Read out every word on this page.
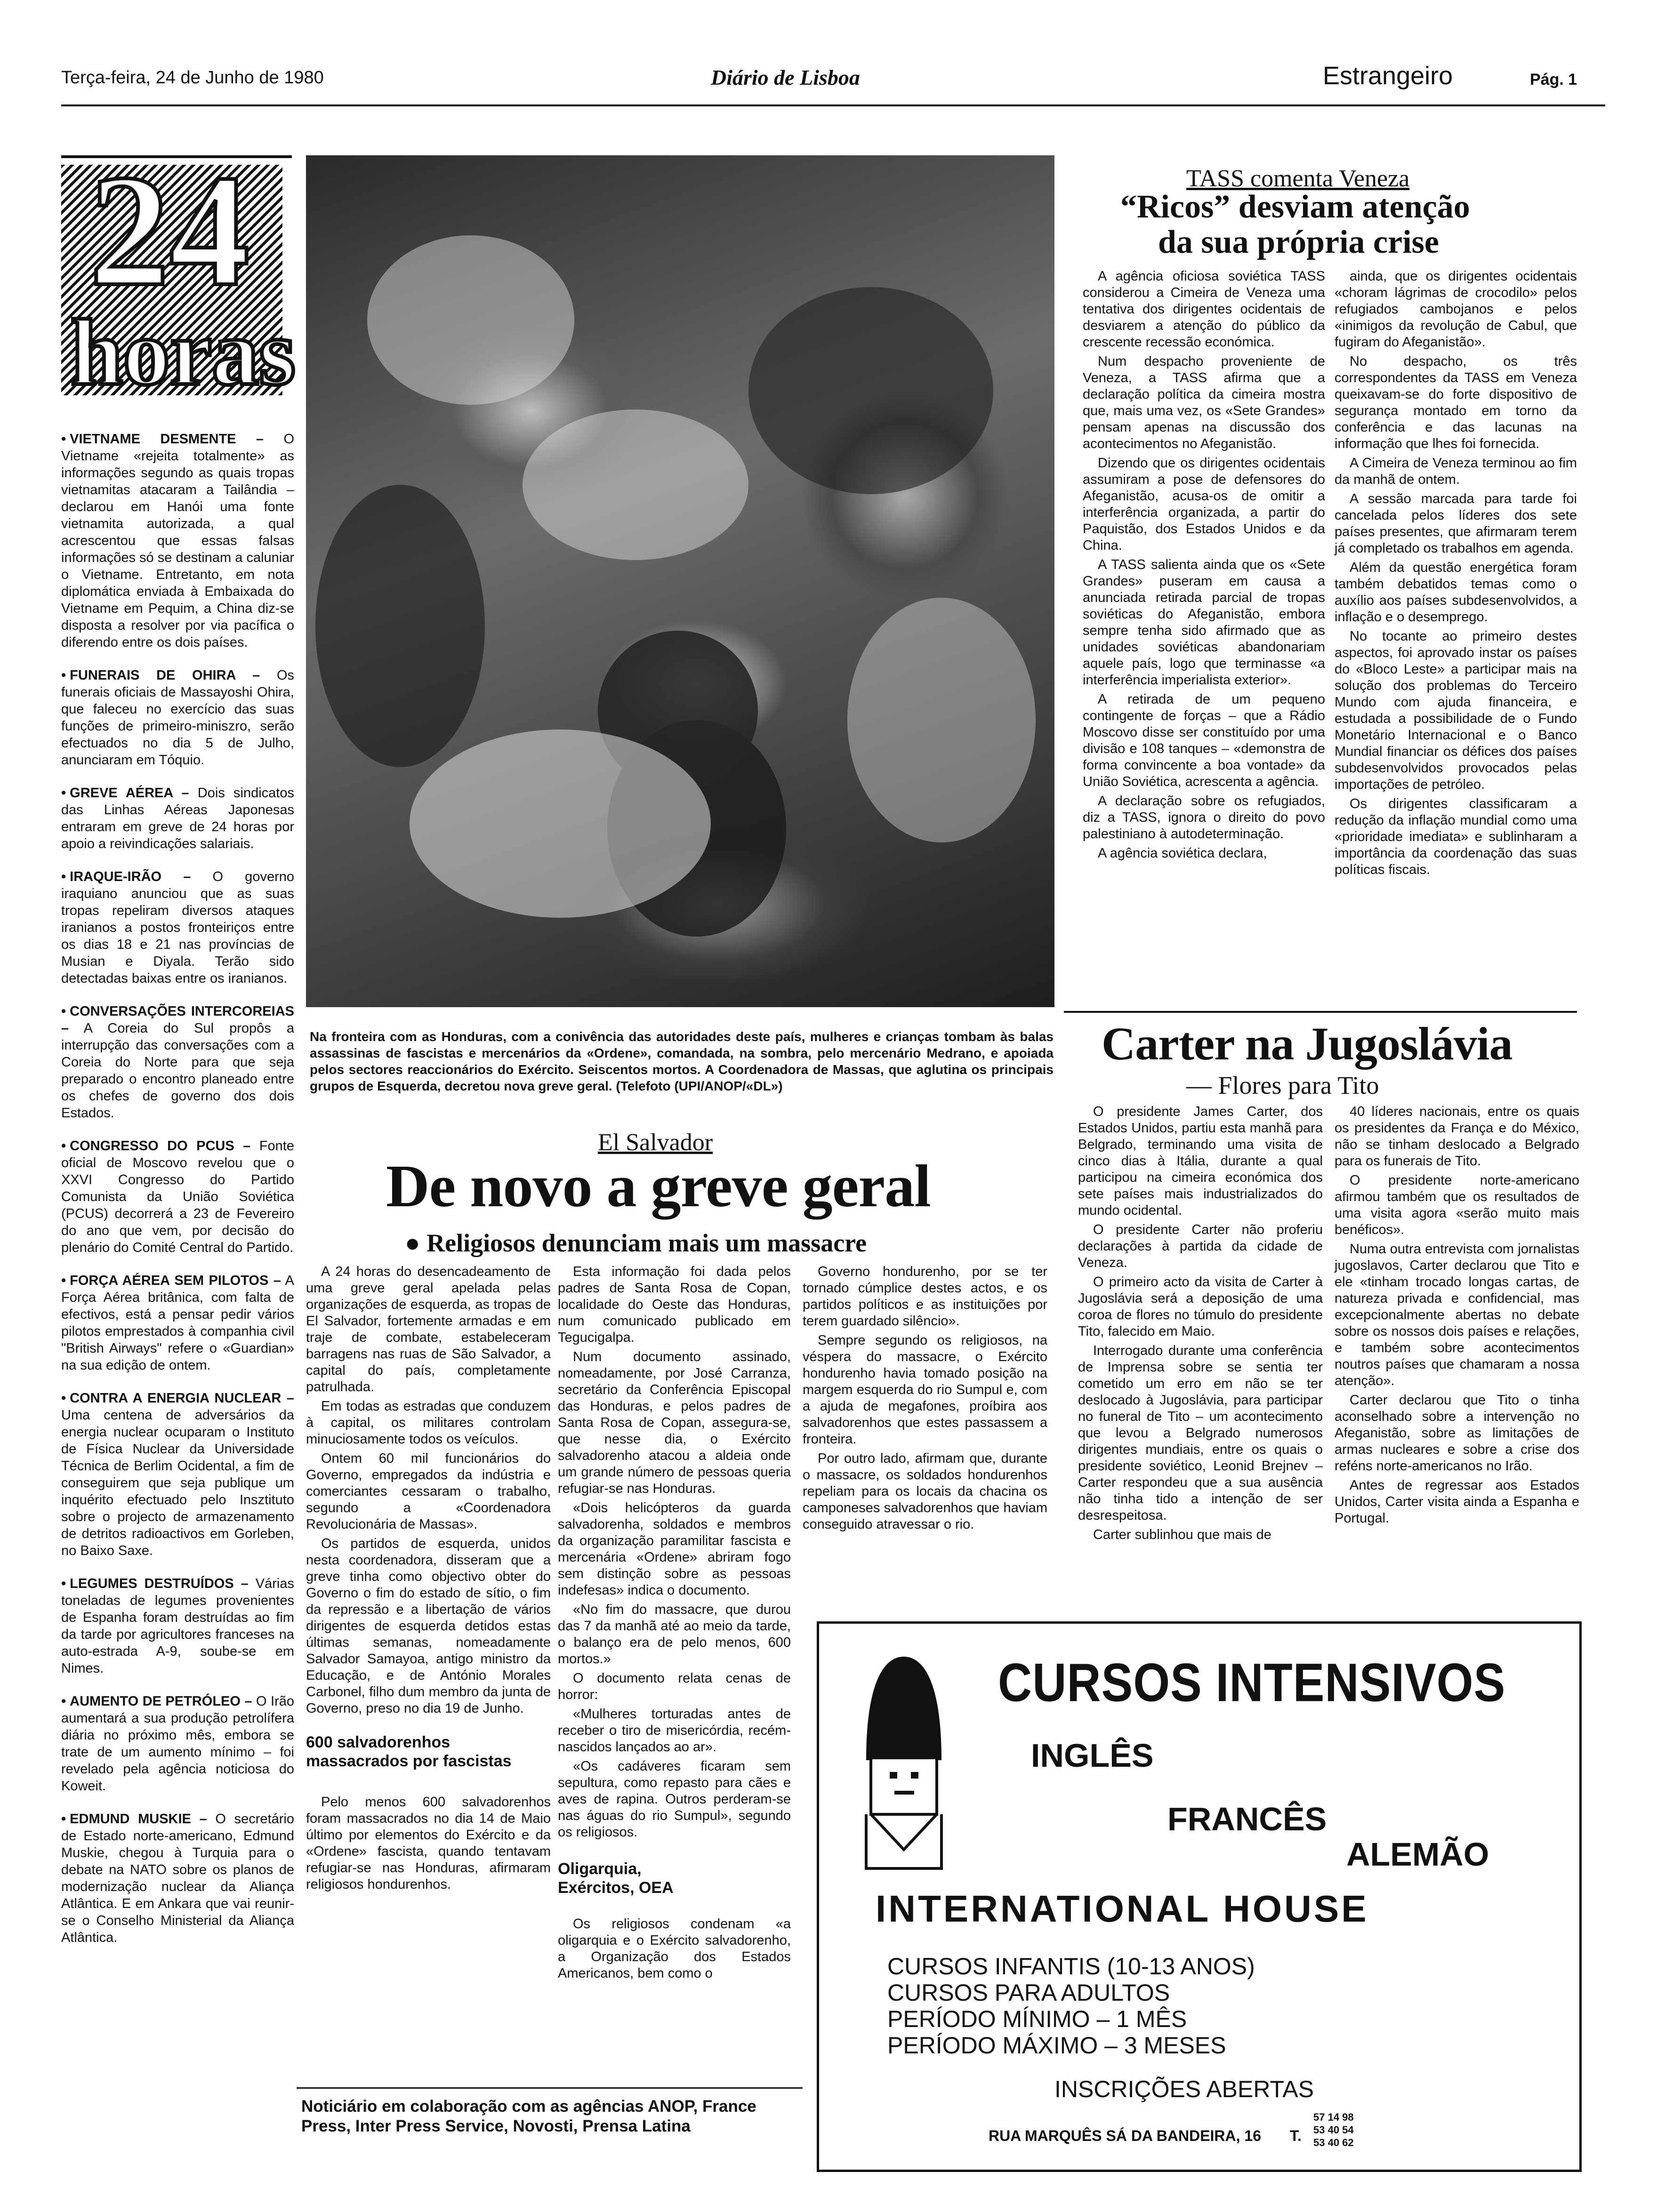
Terça-feira, 24 de Junho de 1980	Diário de Lisboa	Estrangeiro	Pág. 1
24
horas
• VIETNAME DESMENTE – O Vietname «rejeita totalmente» as informações segundo as quais tropas vietnamitas atacaram a Tailândia – declarou em Hanói uma fonte vietnamita autorizada, a qual acrescentou que essas falsas informações só se destinam a caluniar o Vietname. Entretanto, em nota diplomática enviada à Embaixada do Vietname em Pequim, a China diz-se disposta a resolver por via pacífica o diferendo entre os dois países.
• FUNERAIS DE OHIRA – Os funerais oficiais de Massayoshi Ohira, que faleceu no exercício das suas funções de primeiro-miniszro, serão efectuados no dia 5 de Julho, anunciaram em Tóquio.
• GREVE AÉREA – Dois sindicatos das Linhas Aéreas Japonesas entraram em greve de 24 horas por apoio a reivindicações salariais.
• IRAQUE-IRÃO – O governo iraquiano anunciou que as suas tropas repeliram diversos ataques iranianos a postos fronteiriços entre os dias 18 e 21 nas províncias de Musian e Diyala. Terão sido detectadas baixas entre os iranianos.
• CONVERSAÇÕES INTERCOREIAS – A Coreia do Sul propôs a interrupção das conversações com a Coreia do Norte para que seja preparado o encontro planeado entre os chefes de governo dos dois Estados.
• CONGRESSO DO PCUS – Fonte oficial de Moscovo revelou que o XXVI Congresso do Partido Comunista da União Soviética (PCUS) decorrerá a 23 de Fevereiro do ano que vem, por decisão do plenário do Comité Central do Partido.
• FORÇA AÉREA SEM PILOTOS – A Força Aérea britânica, com falta de efectivos, está a pensar pedir vários pilotos emprestados à companhia civil "British Airways" refere o «Guardian» na sua edição de ontem.
• CONTRA A ENERGIA NUCLEAR – Uma centena de adversários da energia nuclear ocuparam o Instituto de Física Nuclear da Universidade Técnica de Berlim Ocidental, a fim de conseguirem que seja publique um inquérito efectuado pelo Insztituto sobre o projecto de armazenamento de detritos radioactivos em Gorleben, no Baixo Saxe.
• LEGUMES DESTRUÍDOS – Várias toneladas de legumes provenientes de Espanha foram destruídas ao fim da tarde por agricultores franceses na auto-estrada A-9, soube-se em Nimes.
• AUMENTO DE PETRÓLEO – O Irão aumentará a sua produção petrolífera diária no próximo mês, embora se trate de um aumento mínimo – foi revelado pela agência noticiosa do Koweit.
• EDMUND MUSKIE – O secretário de Estado norte-americano, Edmund Muskie, chegou à Turquia para o debate na NATO sobre os planos de modernização nuclear da Aliança Atlântica. E em Ankara que vai reunir-se o Conselho Ministerial da Aliança Atlântica.
Na fronteira com as Honduras, com a conivência das autoridades deste país, mulheres e crianças tombam às balas assassinas de fascistas e mercenários da «Ordene», comandada, na sombra, pelo mercenário Medrano, e apoiada pelos sectores reaccionários do Exército. Seiscentos mortos. A Coordenadora de Massas, que aglutina os principais grupos de Esquerda, decretou nova greve geral. (Telefoto (UPI/ANOP/«DL»)
El Salvador
De novo a greve geral
● Religiosos denunciam mais um massacre

A 24 horas do desencadeamento de uma greve geral apelada pelas organizações de esquerda, as tropas de El Salvador, fortemente armadas e em traje de combate, estabeleceram barragens nas ruas de São Salvador, a capital do país, completamente patrulhada.

Em todas as estradas que conduzem à capital, os militares controlam minuciosamente todos os veículos.

Ontem 60 mil funcionários do Governo, empregados da indústria e comerciantes cessaram o trabalho, segundo a «Coordenadora Revolucionária de Massas».

Os partidos de esquerda, unidos nesta coordenadora, disseram que a greve tinha como objectivo obter do Governo o fim do estado de sítio, o fim da repressão e a libertação de vários dirigentes de esquerda detidos estas últimas semanas, nomeadamente Salvador Samayoa, antigo ministro da Educação, e de António Morales Carbonel, filho dum membro da junta de Governo, preso no dia 19 de Junho.

600 salvadorenhos massacrados por fascistas

Pelo menos 600 salvadorenhos foram massacrados no dia 14 de Maio último por elementos do Exército e da «Ordene» fascista, quando tentavam refugiar-se nas Honduras, afirmaram religiosos hondurenhos.

Esta informação foi dada pelos padres de Santa Rosa de Copan, localidade do Oeste das Honduras, num comunicado publicado em Tegucigalpa.

Num documento assinado, nomeadamente, por José Carranza, secretário da Conferência Episcopal das Honduras, e pelos padres de Santa Rosa de Copan, assegura-se, que nesse dia, o Exército salvadorenho atacou a aldeia onde um grande número de pessoas queria refugiar-se nas Honduras.

«Dois helicópteros da guarda salvadorenha, soldados e membros da organização paramilitar fascista e mercenária «Ordene» abriram fogo sem distinção sobre as pessoas indefesas» indica o documento.

«No fim do massacre, que durou das 7 da manhã até ao meio da tarde, o balanço era de pelo menos, 600 mortos.»

O documento relata cenas de horror:

«Mulheres torturadas antes de receber o tiro de misericórdia, recém-nascidos lançados ao ar».

«Os cadáveres ficaram sem sepultura, como repasto para cães e aves de rapina. Outros perderam-se nas águas do rio Sumpul», segundo os religiosos.

Oligarquia, Exércitos, OEA

Os religiosos condenam «a oligarquia e o Exército salvadorenho, a Organização dos Estados Americanos, bem como o

Governo hondurenho, por se ter tornado cúmplice destes actos, e os partidos políticos e as instituições por terem guardado silêncio».

Sempre segundo os religiosos, na véspera do massacre, o Exército hondurenho havia tomado posição na margem esquerda do rio Sumpul e, com a ajuda de megafones, proíbira aos salvadorenhos que estes passassem a fronteira.

Por outro lado, afirmam que, durante o massacre, os soldados hondurenhos repeliam para os locais da chacina os camponeses salvadorenhos que haviam conseguido atravessar o rio.

TASS comenta Veneza
“Ricos” desviam atenção
da sua própria crise

A agência oficiosa soviética TASS considerou a Cimeira de Veneza uma tentativa dos dirigentes ocidentais de desviarem a atenção do público da crescente recessão económica.

Num despacho proveniente de Veneza, a TASS afirma que a declaração política da cimeira mostra que, mais uma vez, os «Sete Grandes» pensam apenas na discussão dos acontecimentos no Afeganistão.

Dizendo que os dirigentes ocidentais assumiram a pose de defensores do Afeganistão, acusa-os de omitir a interferência organizada, a partir do Paquistão, dos Estados Unidos e da China.

A TASS salienta ainda que os «Sete Grandes» puseram em causa a anunciada retirada parcial de tropas soviéticas do Afeganistão, embora sempre tenha sido afirmado que as unidades soviéticas abandonariam aquele país, logo que terminasse «a interferência imperialista exterior».

A retirada de um pequeno contingente de forças – que a Rádio Moscovo disse ser constituído por uma divisão e 108 tanques – «demonstra de forma convincente a boa vontade» da União Soviética, acrescenta a agência.

A declaração sobre os refugiados, diz a TASS, ignora o direito do povo palestiniano à autodeterminação.

A agência soviética declara,

ainda, que os dirigentes ocidentais «choram lágrimas de crocodilo» pelos refugiados cambojanos e pelos «inimigos da revolução de Cabul, que fugiram do Afeganistão».

No despacho, os três correspondentes da TASS em Veneza queixavam-se do forte dispositivo de segurança montado em torno da conferência e das lacunas na informação que lhes foi fornecida.

A Cimeira de Veneza terminou ao fim da manhã de ontem.

A sessão marcada para tarde foi cancelada pelos líderes dos sete países presentes, que afirmaram terem já completado os trabalhos em agenda.

Além da questão energética foram também debatidos temas como o auxílio aos países subdesenvolvidos, a inflação e o desemprego.

No tocante ao primeiro destes aspectos, foi aprovado instar os países do «Bloco Leste» a participar mais na solução dos problemas do Terceiro Mundo com ajuda financeira, e estudada a possibilidade de o Fundo Monetário Internacional e o Banco Mundial financiar os défices dos países subdesenvolvidos provocados pelas importações de petróleo.

Os dirigentes classificaram a redução da inflação mundial como uma «prioridade imediata» e sublinharam a importância da coordenação das suas políticas fiscais.

Carter na Jugoslávia
— Flores para Tito

O presidente James Carter, dos Estados Unidos, partiu esta manhã para Belgrado, terminando uma visita de cinco dias à Itália, durante a qual participou na cimeira económica dos sete países mais industrializados do mundo ocidental.

O presidente Carter não proferiu declarações à partida da cidade de Veneza.

O primeiro acto da visita de Carter à Jugoslávia será a deposição de uma coroa de flores no túmulo do presidente Tito, falecido em Maio.

Interrogado durante uma conferência de Imprensa sobre se sentia ter cometido um erro em não se ter deslocado à Jugoslávia, para participar no funeral de Tito – um acontecimento que levou a Belgrado numerosos dirigentes mundiais, entre os quais o presidente soviético, Leonid Brejnev – Carter respondeu que a sua ausência não tinha tido a intenção de ser desrespeitosa.

Carter sublinhou que mais de

40 líderes nacionais, entre os quais os presidentes da França e do México, não se tinham deslocado a Belgrado para os funerais de Tito.

O presidente norte-americano afirmou também que os resultados de uma visita agora «serão muito mais benéficos».

Numa outra entrevista com jornalistas jugoslavos, Carter declarou que Tito e ele «tinham trocado longas cartas, de natureza privada e confidencial, mas excepcionalmente abertas no debate sobre os nossos dois países e relações, e também sobre acontecimentos noutros países que chamaram a nossa atenção».

Carter declarou que Tito o tinha aconselhado sobre a intervenção no Afeganistão, sobre as limitações de armas nucleares e sobre a crise dos reféns norte-americanos no Irão.

Antes de regressar aos Estados Unidos, Carter visita ainda a Espanha e Portugal.

CURSOS INTENSIVOS
INGLÊS
FRANCÊS
ALEMÃO
INTERNATIONAL HOUSE
CURSOS INFANTIS (10-13 ANOS)
CURSOS PARA ADULTOS
PERÍODO MÍNIMO – 1 MÊS
PERÍODO MÁXIMO – 3 MESES
INSCRIÇÕES ABERTAS
RUA MARQUÊS SÁ DA BANDEIRA, 16 T.
57 14 98
53 40 54
53 40 62
Noticiário em colaboração com as agências ANOP, France Press, Inter Press Service, Novosti, Prensa Latina
